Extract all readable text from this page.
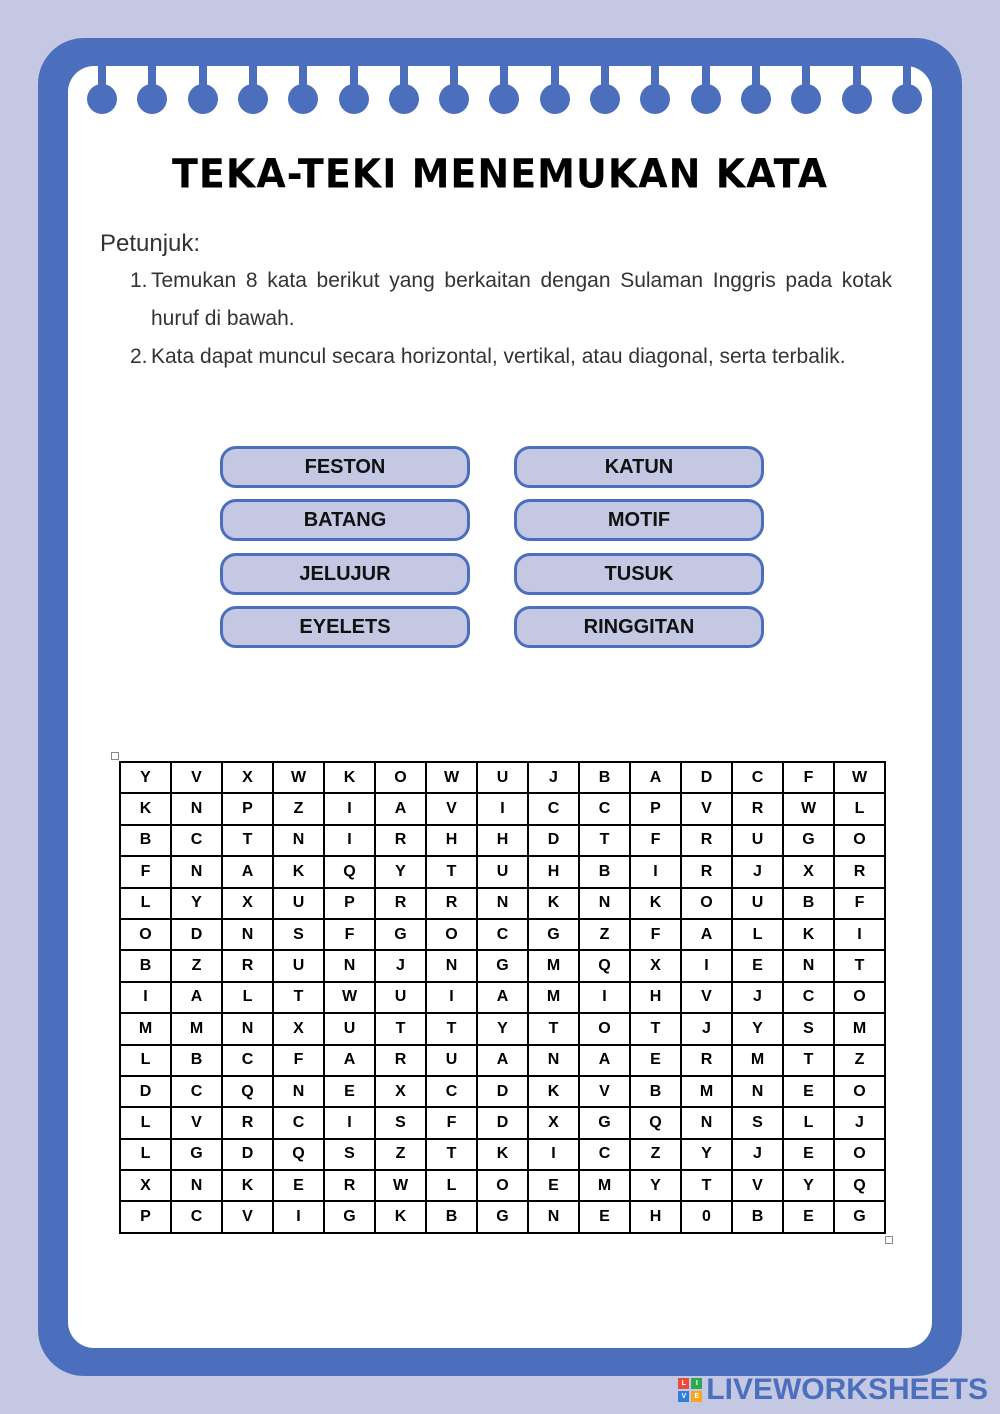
TEKA-TEKI MENEMUKAN KATA
Petunjuk:
1. Temukan 8 kata berikut yang berkaitan dengan Sulaman Inggris pada kotak huruf di bawah.
2. Kata dapat muncul secara horizontal, vertikal, atau diagonal, serta terbalik.
FESTON	KATUN
BATANG	MOTIF
JELUJUR	TUSUK
EYELETS	RINGGITAN
Y	V	X	W	K	O	W	U	J	B	A	D	C	F	W
K	N	P	Z	I	A	V	I	C	C	P	V	R	W	L
B	C	T	N	I	R	H	H	D	T	F	R	U	G	O
F	N	A	K	Q	Y	T	U	H	B	I	R	J	X	R
L	Y	X	U	P	R	R	N	K	N	K	O	U	B	F
O	D	N	S	F	G	O	C	G	Z	F	A	L	K	I
B	Z	R	U	N	J	N	G	M	Q	X	I	E	N	T
I	A	L	T	W	U	I	A	M	I	H	V	J	C	O
M	M	N	X	U	T	T	Y	T	O	T	J	Y	S	M
L	B	C	F	A	R	U	A	N	A	E	R	M	T	Z
D	C	Q	N	E	X	C	D	K	V	B	M	N	E	O
L	V	R	C	I	S	F	D	X	G	Q	N	S	L	J
L	G	D	Q	S	Z	T	K	I	C	Z	Y	J	E	O
X	N	K	E	R	W	L	O	E	M	Y	T	V	Y	Q
P	C	V	I	G	K	B	G	N	E	H	0	B	E	G
L	I
V	E LIVEWORKSHEETS
